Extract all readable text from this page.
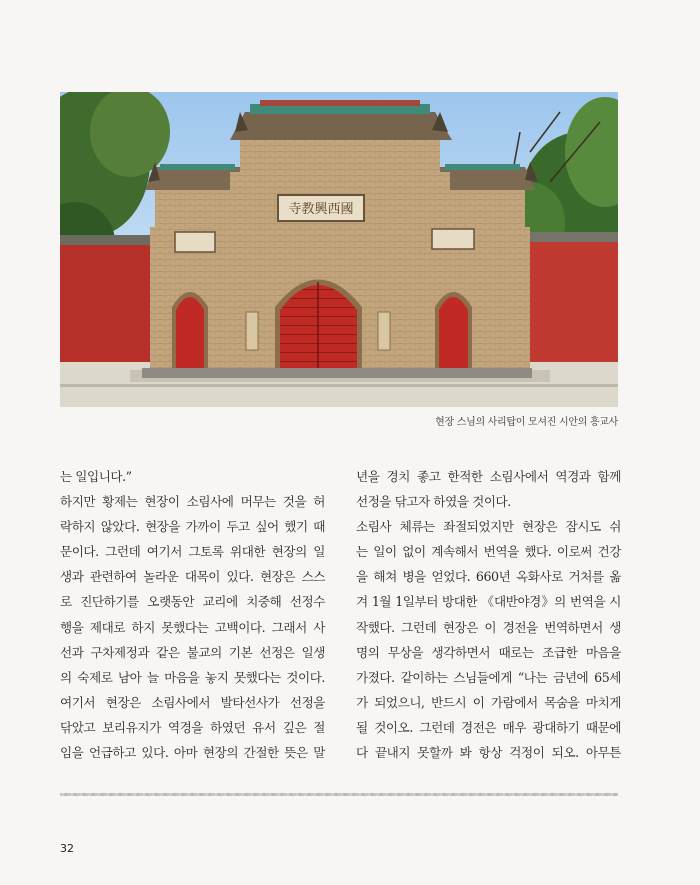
寺教興西國
현장 스님의 사리탑이 모셔진 시안의 흥교사
는 일입니다.”
하지만 황제는 현장이 소림사에 머무는 것을 허
락하지 않았다. 현장을 가까이 두고 싶어 했기 때
문이다. 그런데 여기서 그토록 위대한 현장의 일
생과 관련하여 놀라운 대목이 있다. 현장은 스스
로 진단하기를 오랫동안 교리에 치중해 선정수
행을 제대로 하지 못했다는 고백이다. 그래서 사
선과 구차제정과 같은 불교의 기본 선정은 일생
의 숙제로 남아 늘 마음을 놓지 못했다는 것이다.
여기서 현장은 소림사에서 발타선사가 선정을
닦았고 보리유지가 역경을 하였던 유서 깊은 절
임을 언급하고 있다. 아마 현장의 간절한 뜻은 말
년을 경치 좋고 한적한 소림사에서 역경과 함께
선정을 닦고자 하였을 것이다.
소림사 체류는 좌절되었지만 현장은 잠시도 쉬
는 일이 없이 계속해서 번역을 했다. 이로써 건강
을 해쳐 병을 얻었다. 660년 옥화사로 거처를 옮
겨 1월 1일부터 방대한 《대반야경》의 번역을 시
작했다. 그런데 현장은 이 경전을 번역하면서 생
명의 무상을 생각하면서 때로는 조급한 마음을
가졌다. 같이하는 스님들에게 “나는 금년에 65세
가 되었으니, 반드시 이 가람에서 목숨을 마치게
될 것이오. 그런데 경전은 매우 광대하기 때문에
다 끝내지 못할까 봐 항상 걱정이 되오. 아무튼
32
